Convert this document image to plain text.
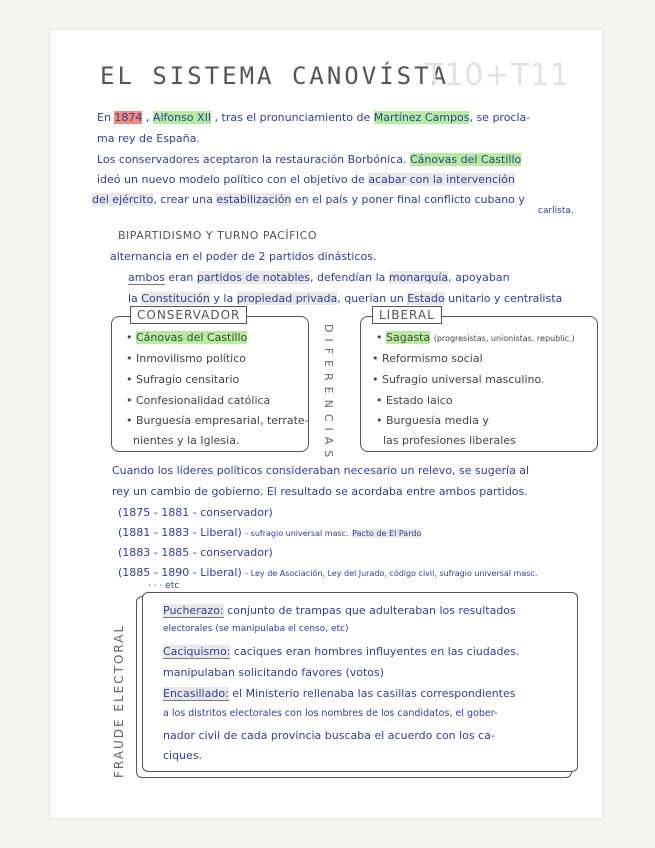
EL SISTEMA CANOVÍSTA
T10+T11
En 1874 , Alfonso XII , tras el pronunciamiento de Martínez Campos, se procla-
ma rey de España.
Los conservadores aceptaron la restauración Borbónica. Cánovas del Castillo
ideó un nuevo modelo político con el objetivo de acabar con la intervención
del ejército, crear una estabilización en el país y poner final conflicto cubano y
carlista.
BIPARTIDISMO Y TURNO PACÍFICO
alternancia en el poder de 2 partidos dinásticos.
ambos eran partidos de notables, defendían la monarquía, apoyaban
la Constitución y la propiedad privada, querían un Estado unitario y centralista
CONSERVADOR
• Cánovas del Castillo
• Inmovilismo político
• Sufragio censitario
• Confesionalidad católica
• Burguesía empresarial, terrate-
nientes y la Iglesia.	DIFERENCIAS
LIBERAL
• Sagasta (progresistas, unionistas, republic.)
• Reformismo social
• Sufragio universal masculino.
• Estado laico
• Burguesía media y
las profesiones liberales
Cuando los líderes políticos consideraban necesario un relevo, se sugería al
rey un cambio de gobierno. El resultado se acordaba entre ambos partidos.
(1875 - 1881 - conservador)
(1881 - 1883 - Liberal) - sufragio universal masc. Pacto de El Pardo
(1883 - 1885 - conservador)
(1885 - 1890 - Liberal) - Ley de Asociación, Ley del Jurado, código civil, sufragio universal masc.
· · · etc
FRAUDE ELECTORAL
Pucherazo: conjunto de trampas que adulteraban los resultados
electorales (se manipulaba el censo, etc)
Caciquismo: caciques eran hombres influyentes en las ciudades.
manipulaban solicitando favores (votos)
Encasillado: el Ministerio rellenaba las casillas correspondientes
a los distritos electorales con los nombres de los candidatos, el gober-
nador civil de cada provincia buscaba el acuerdo con los ca-
ciques.
